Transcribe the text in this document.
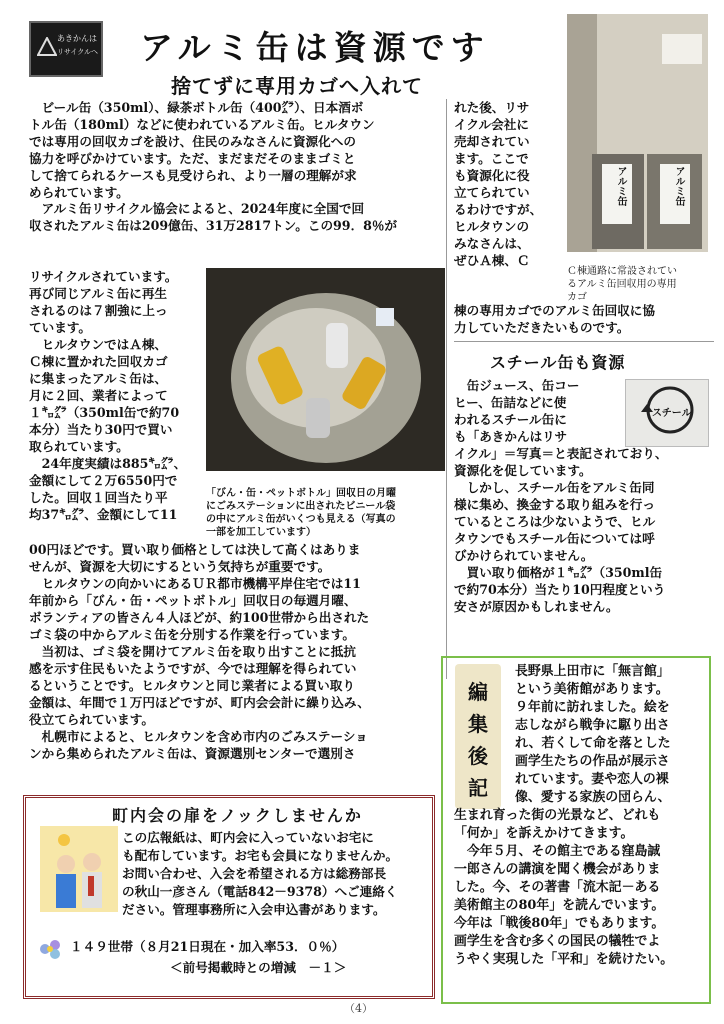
あきかんは
リサイクルへ アルミ缶は資源です
捨てずに専用カゴへ入れて

　ビール缶（350ml）、緑茶ボトル缶（400㌘）、日本酒ボ
トル缶（180ml）などに使われているアルミ缶。ヒルタウン
では専用の回収カゴを設け、住民のみなさんに資源化への
協力を呼びかけています。ただ、まだまだそのままゴミと
して捨てられるケースも見受けられ、より一層の理解が求
められています。

　アルミ缶リサイクル協会によると、2024年度に全国で回
収されたアルミ缶は209億缶、31万2817トン。この99．8％が

リサイクルされています。
再び同じアルミ缶に再生
されるのは７割強に上っ
ています。
　ヒルタウンではＡ棟、
Ｃ棟に置かれた回収カゴ
に集まったアルミ缶は、
月に２回、業者によって
１㌔㌘（350ml缶で約70
本分）当たり30円で買い
取られています。
　24年度実績は885㌔㌘、
金額にして２万6550円で
した。回収１回当たり平
均37㌔㌘、金額にして11

00円ほどです。買い取り価格としては決して高くはありま
せんが、資源を大切にするという気持ちが重要です。
　ヒルタウンの向かいにあるＵＲ都市機構平岸住宅では11
年前から「びん・缶・ペットボトル」回収日の毎週月曜、
ボランティアの皆さん４人ほどが、約100世帯から出された
ゴミ袋の中からアルミ缶を分別する作業を行っています。
　当初は、ゴミ袋を開けてアルミ缶を取り出すことに抵抗
感を示す住民もいたようですが、今では理解を得られてい
るということです。ヒルタウンと同じ業者による買い取り
金額は、年間で１万円ほどですが、町内会会計に繰り込み、
役立てられています。
　札幌市によると、ヒルタウンを含め市内のごみステーショ
ンから集められたアルミ缶は、資源選別センターで選別さ

「びん・缶・ペットボトル」回収日の月曜
にごみステーションに出されたビニール袋
の中にアルミ缶がいくつも見える（写真の
一部を加工しています）

れた後、リサ
イクル会社に
売却されてい
ます。ここで
も資源化に役
立てられてい
るわけですが、
ヒルタウンの
みなさんは、
ぜひＡ棟、Ｃ

棟の専用カゴでのアルミ缶回収に協
力していただきたいものです。

アルミ缶	アルミ缶

Ｃ棟通路に常設されてい
るアルミ缶回収用の専用
カゴ

スチール缶も資源

　缶ジュース、缶コー
ヒー、缶詰などに使
われるスチール缶に
も「あきかんはリサ

スチール

イクル」＝写真＝と表記されており、
資源化を促しています。
　しかし、スチール缶をアルミ缶同
様に集め、換金する取り組みを行っ
ているところは少ないようで、ヒル
タウンでもスチール缶については呼
びかけられていません。
　買い取り価格が１㌔㌘（350ml缶
で約70本分）当たり10円程度という
安さが原因かもしれません。

編
集
後
記

長野県上田市に「無言館」
という美術館があります。
９年前に訪れました。絵を
志しながら戦争に駆り出さ
れ、若くして命を落とした
画学生たちの作品が展示さ
れています。妻や恋人の裸
像、愛する家族の団らん、

生まれ育った街の光景など、どれも
「何か」を訴えかけてきます。
　今年５月、その館主である窪島誠
一郎さんの講演を聞く機会がありま
した。今、その著書「流木記－ある
美術館主の80年」を読んでいます。
今年は「戦後80年」でもあります。
画学生を含む多くの国民の犠牲でよ
うやく実現した「平和」を続けたい。

町内会の扉をノックしませんか

この広報紙は、町内会に入っていないお宅に
も配布しています。お宅も会員になりませんか。
お問い合わせ、入会を希望される方は総務部長
の秋山一彦さん（電話842－9378）へご連絡く
ださい。管理事務所に入会申込書があります。

１４９世帯（８月21日現在・加入率53．０％）
＜前号掲載時との増減　－１＞
（4）
